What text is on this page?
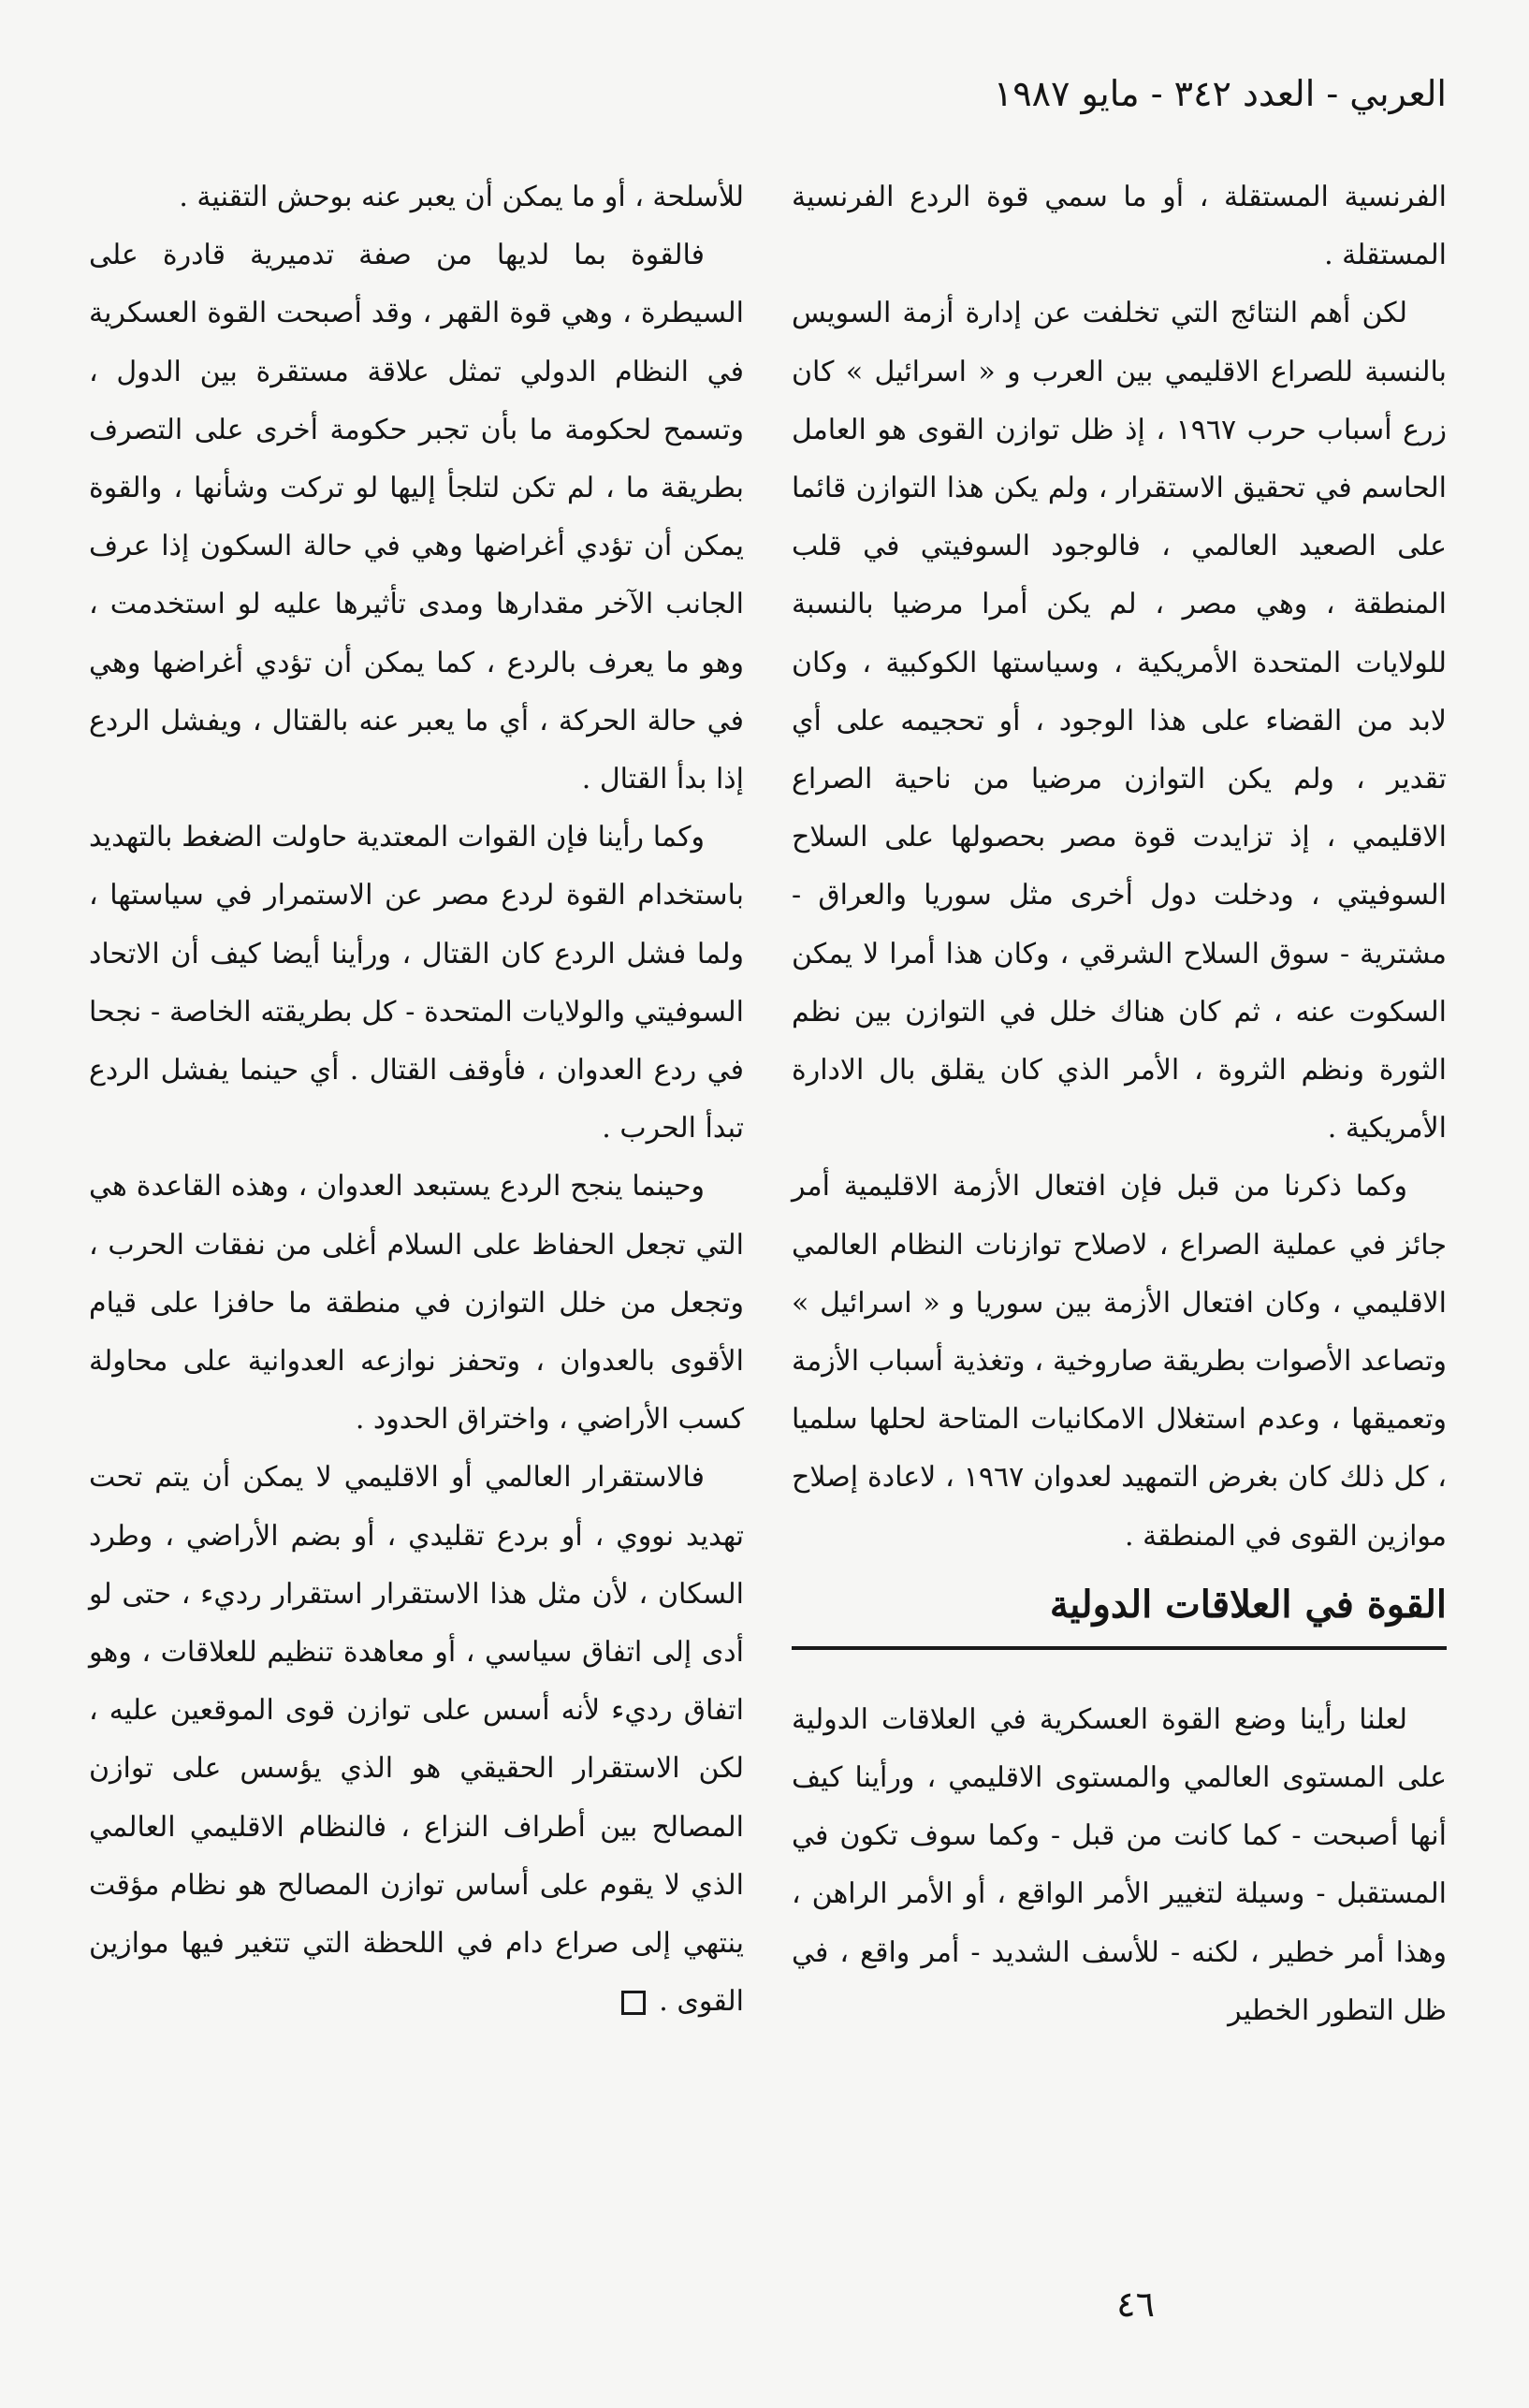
العربي - العدد ٣٤٢ - مايو ١٩٨٧

الفرنسية المستقلة ، أو ما سمي قوة الردع الفرنسية المستقلة .

لكن أهم النتائج التي تخلفت عن إدارة أزمة السويس بالنسبة للصراع الاقليمي بين العرب و « اسرائيل » كان زرع أسباب حرب ١٩٦٧ ، إذ ظل توازن القوى هو العامل الحاسم في تحقيق الاستقرار ، ولم يكن هذا التوازن قائما على الصعيد العالمي ، فالوجود السوفيتي في قلب المنطقة ، وهي مصر ، لم يكن أمرا مرضيا بالنسبة للولايات المتحدة الأمريكية ، وسياستها الكوكبية ، وكان لابد من القضاء على هذا الوجود ، أو تحجيمه على أي تقدير ، ولم يكن التوازن مرضيا من ناحية الصراع الاقليمي ، إذ تزايدت قوة مصر بحصولها على السلاح السوفيتي ، ودخلت دول أخرى مثل سوريا والعراق - مشترية - سوق السلاح الشرقي ، وكان هذا أمرا لا يمكن السكوت عنه ، ثم كان هناك خلل في التوازن بين نظم الثورة ونظم الثروة ، الأمر الذي كان يقلق بال الادارة الأمريكية .

وكما ذكرنا من قبل فإن افتعال الأزمة الاقليمية أمر جائز في عملية الصراع ، لاصلاح توازنات النظام العالمي الاقليمي ، وكان افتعال الأزمة بين سوريا و « اسرائيل » وتصاعد الأصوات بطريقة صاروخية ، وتغذية أسباب الأزمة وتعميقها ، وعدم استغلال الامكانيات المتاحة لحلها سلميا ، كل ذلك كان بغرض التمهيد لعدوان ١٩٦٧ ، لاعادة إصلاح موازين القوى في المنطقة .

القوة في العلاقات الدولية

لعلنا رأينا وضع القوة العسكرية في العلاقات الدولية على المستوى العالمي والمستوى الاقليمي ، ورأينا كيف أنها أصبحت - كما كانت من قبل - وكما سوف تكون في المستقبل - وسيلة لتغيير الأمر الواقع ، أو الأمر الراهن ، وهذا أمر خطير ، لكنه - للأسف الشديد - أمر واقع ، في ظل التطور الخطير

للأسلحة ، أو ما يمكن أن يعبر عنه بوحش التقنية .

فالقوة بما لديها من صفة تدميرية قادرة على السيطرة ، وهي قوة القهر ، وقد أصبحت القوة العسكرية في النظام الدولي تمثل علاقة مستقرة بين الدول ، وتسمح لحكومة ما بأن تجبر حكومة أخرى على التصرف بطريقة ما ، لم تكن لتلجأ إليها لو تركت وشأنها ، والقوة يمكن أن تؤدي أغراضها وهي في حالة السكون إذا عرف الجانب الآخر مقدارها ومدى تأثيرها عليه لو استخدمت ، وهو ما يعرف بالردع ، كما يمكن أن تؤدي أغراضها وهي في حالة الحركة ، أي ما يعبر عنه بالقتال ، ويفشل الردع إذا بدأ القتال .

وكما رأينا فإن القوات المعتدية حاولت الضغط بالتهديد باستخدام القوة لردع مصر عن الاستمرار في سياستها ، ولما فشل الردع كان القتال ، ورأينا أيضا كيف أن الاتحاد السوفيتي والولايات المتحدة - كل بطريقته الخاصة - نجحا في ردع العدوان ، فأوقف القتال . أي حينما يفشل الردع تبدأ الحرب .

وحينما ينجح الردع يستبعد العدوان ، وهذه القاعدة هي التي تجعل الحفاظ على السلام أغلى من نفقات الحرب ، وتجعل من خلل التوازن في منطقة ما حافزا على قيام الأقوى بالعدوان ، وتحفز نوازعه العدوانية على محاولة كسب الأراضي ، واختراق الحدود .

فالاستقرار العالمي أو الاقليمي لا يمكن أن يتم تحت تهديد نووي ، أو بردع تقليدي ، أو بضم الأراضي ، وطرد السكان ، لأن مثل هذا الاستقرار استقرار رديء ، حتى لو أدى إلى اتفاق سياسي ، أو معاهدة تنظيم للعلاقات ، وهو اتفاق رديء لأنه أسس على توازن قوى الموقعين عليه ، لكن الاستقرار الحقيقي هو الذي يؤسس على توازن المصالح بين أطراف النزاع ، فالنظام الاقليمي العالمي الذي لا يقوم على أساس توازن المصالح هو نظام مؤقت ينتهي إلى صراع دام في اللحظة التي تتغير فيها موازين القوى .

٤٦
